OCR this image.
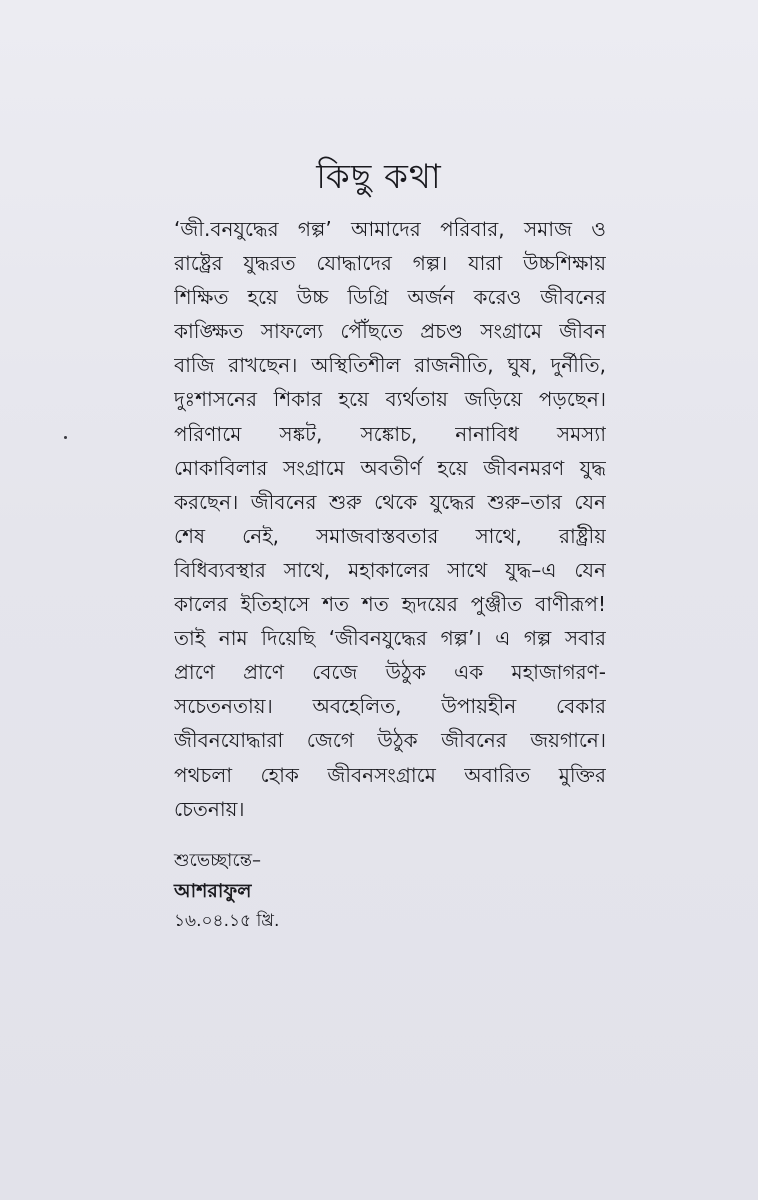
কিছু কথা
‘জী.বনযুদ্ধের গল্প’ আমাদের পরিবার, সমাজ ও
রাষ্ট্রের যুদ্ধরত যোদ্ধাদের গল্প। যারা উচ্চশিক্ষায়
শিক্ষিত হয়ে উচ্চ ডিগ্রি অর্জন করেও জীবনের
কাঙ্ক্ষিত সাফল্যে পৌঁছতে প্রচণ্ড সংগ্রামে জীবন
বাজি রাখছেন। অস্থিতিশীল রাজনীতি, ঘুষ, দুর্নীতি,
দুঃশাসনের শিকার হয়ে ব্যর্থতায় জড়িয়ে পড়ছেন।
পরিণামে সঙ্কট, সঙ্কোচ, নানাবিধ সমস্যা
মোকাবিলার সংগ্রামে অবতীর্ণ হয়ে জীবনমরণ যুদ্ধ
করছেন। জীবনের শুরু থেকে যুদ্ধের শুরু–তার যেন
শেষ নেই, সমাজবাস্তবতার সাথে, রাষ্ট্রীয়
বিধিব্যবস্থার সাথে, মহাকালের সাথে যুদ্ধ–এ যেন
কালের ইতিহাসে শত শত হৃদয়ের পুঞ্জীত বাণীরূপ!
তাই নাম দিয়েছি ‘জীবনযুদ্ধের গল্প’। এ গল্প সবার
প্রাণে প্রাণে বেজে উঠুক এক মহাজাগরণ-
সচেতনতায়। অবহেলিত, উপায়হীন বেকার
জীবনযোদ্ধারা জেগে উঠুক জীবনের জয়গানে।
পথচলা হোক জীবনসংগ্রামে অবারিত মুক্তির
চেতনায়।
শুভেচ্ছান্তে–
আশরাফুল
১৬.০৪.১৫ খ্রি.
